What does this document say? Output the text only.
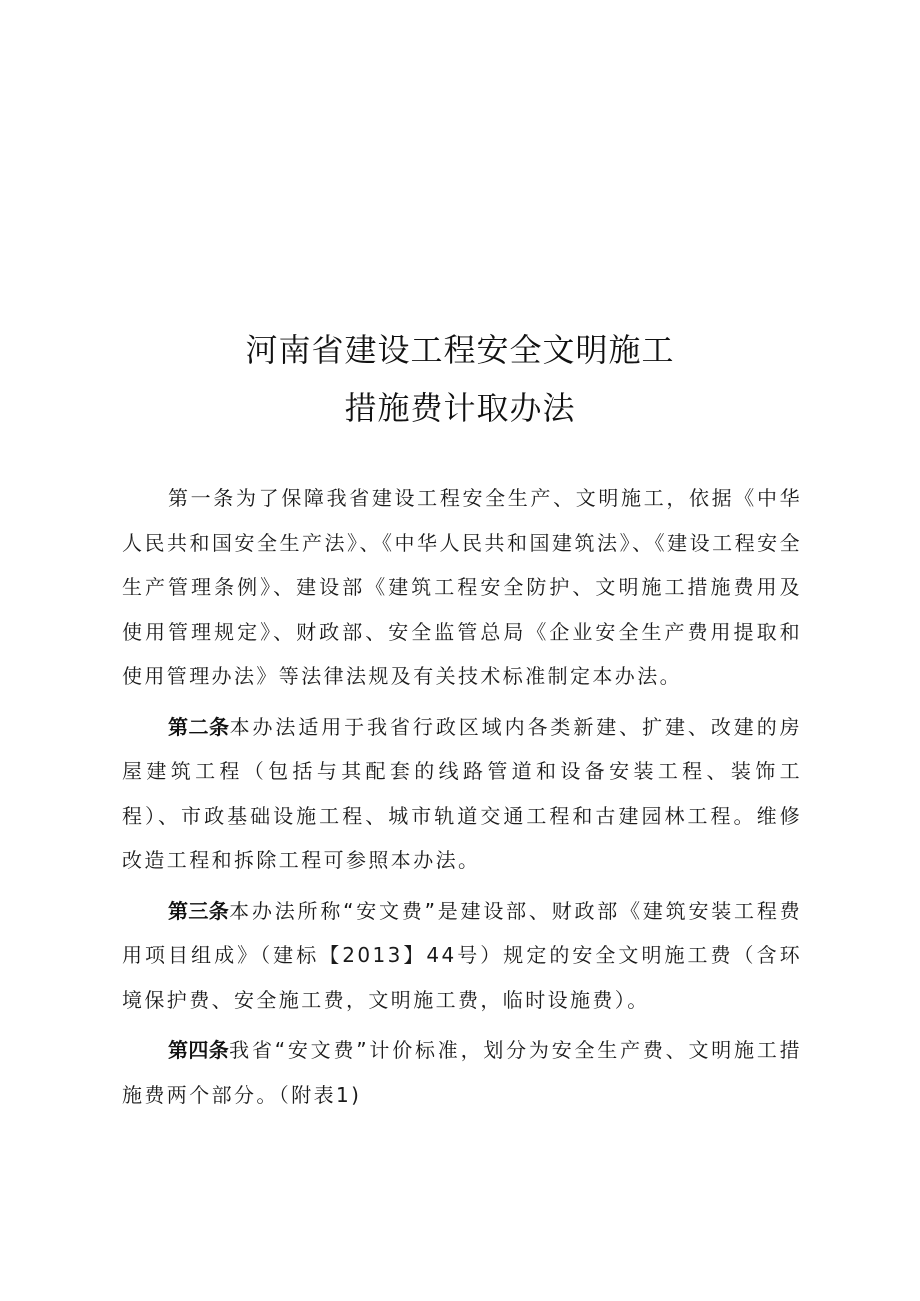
河南省建设工程安全文明施工
措施费计取办法

第一条为了保障我省建设工程安全生产、文明施工，依据《中华人民共和国安全生产法》、《中华人民共和国建筑法》、《建设工程安全生产管理条例》、建设部《建筑工程安全防护、文明施工措施费用及使用管理规定》、财政部、安全监管总局《企业安全生产费用提取和使用管理办法》等法律法规及有关技术标准制定本办法。

第二条本办法适用于我省行政区域内各类新建、扩建、改建的房屋建筑工程（包括与其配套的线路管道和设备安装工程、装饰工程）、市政基础设施工程、城市轨道交通工程和古建园林工程。维修改造工程和拆除工程可参照本办法。

第三条本办法所称“安文费”是建设部、财政部《建筑安装工程费用项目组成》（建标【2013】44号）规定的安全文明施工费（含环境保护费、安全施工费，文明施工费，临时设施费）。

第四条我省“安文费”计价标准，划分为安全生产费、文明施工措施费两个部分。（附表1)
